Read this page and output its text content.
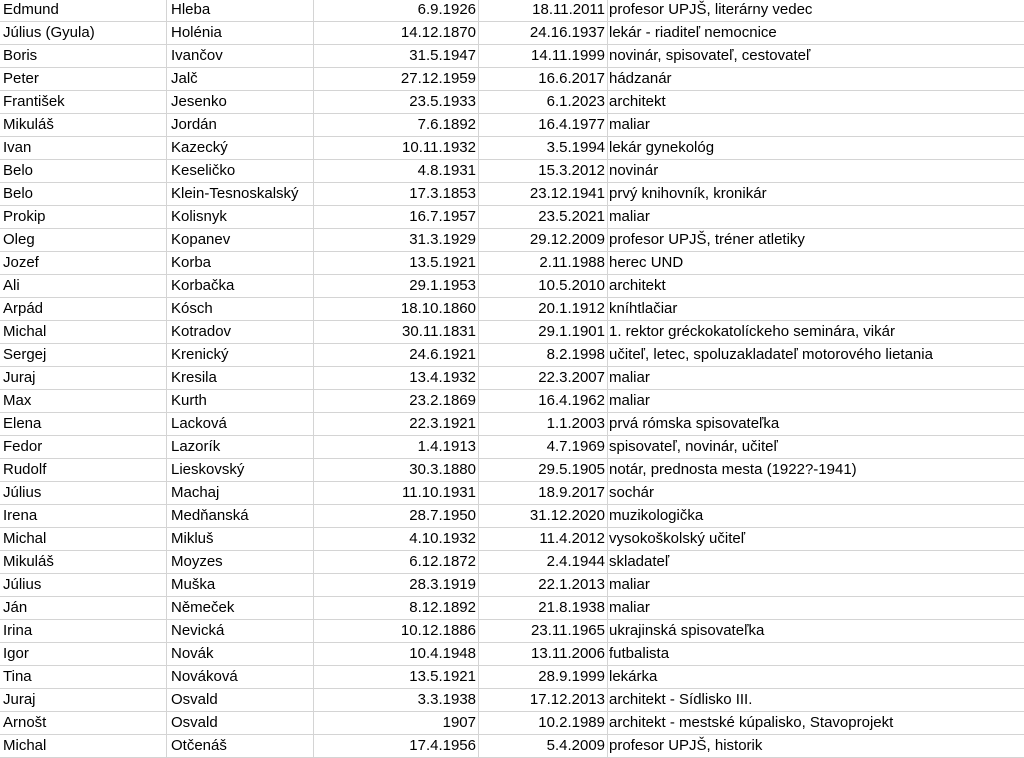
Edmund	Hleba	6.9.1926	18.11.2011 profesor UPJŠ, literárny vedec
Július (Gyula)	Holénia	14.12.1870	24.16.1937 lekár - riaditeľ nemocnice
Boris	Ivančov	31.5.1947	14.11.1999 novinár, spisovateľ, cestovateľ
Peter	Jalč	27.12.1959	16.6.2017 hádzanár
František	Jesenko	23.5.1933	6.1.2023 architekt
Mikuláš	Jordán	7.6.1892	16.4.1977 maliar
Ivan	Kazecký	10.11.1932	3.5.1994 lekár gynekológ
Belo	Keseličko	4.8.1931	15.3.2012 novinár
Belo	Klein-Tesnoskalský	17.3.1853	23.12.1941 prvý knihovník, kronikár
Prokip	Kolisnyk	16.7.1957	23.5.2021 maliar
Oleg	Kopanev	31.3.1929	29.12.2009 profesor UPJŠ, tréner atletiky
Jozef	Korba	13.5.1921	2.11.1988 herec UND
Ali	Korbačka	29.1.1953	10.5.2010 architekt
Arpád	Kósch	18.10.1860	20.1.1912 kníhtlačiar
Michal	Kotradov	30.11.1831	29.1.1901 1. rektor gréckokatolíckeho seminára, vikár
Sergej	Krenický	24.6.1921	8.2.1998 učiteľ, letec, spoluzakladateľ motorového lietania
Juraj	Kresila	13.4.1932	22.3.2007 maliar
Max	Kurth	23.2.1869	16.4.1962 maliar
Elena	Lacková	22.3.1921	1.1.2003 prvá rómska spisovateľka
Fedor	Lazorík	1.4.1913	4.7.1969 spisovateľ, novinár, učiteľ
Rudolf	Lieskovský	30.3.1880	29.5.1905 notár, prednosta mesta (1922?-1941)
Július	Machaj	11.10.1931	18.9.2017 sochár
Irena	Medňanská	28.7.1950	31.12.2020 muzikologička
Michal	Mikluš	4.10.1932	11.4.2012 vysokoškolský učiteľ
Mikuláš	Moyzes	6.12.1872	2.4.1944 skladateľ
Július	Muška	28.3.1919	22.1.2013 maliar
Ján	Němeček	8.12.1892	21.8.1938 maliar
Irina	Nevická	10.12.1886	23.11.1965 ukrajinská spisovateľka
Igor	Novák	10.4.1948	13.11.2006 futbalista
Tina	Nováková	13.5.1921	28.9.1999 lekárka
Juraj	Osvald	3.3.1938	17.12.2013 architekt - Sídlisko III.
Arnošt	Osvald	1907	10.2.1989 architekt - mestské kúpalisko, Stavoprojekt
Michal	Otčenáš	17.4.1956	5.4.2009 profesor UPJŠ, historik
